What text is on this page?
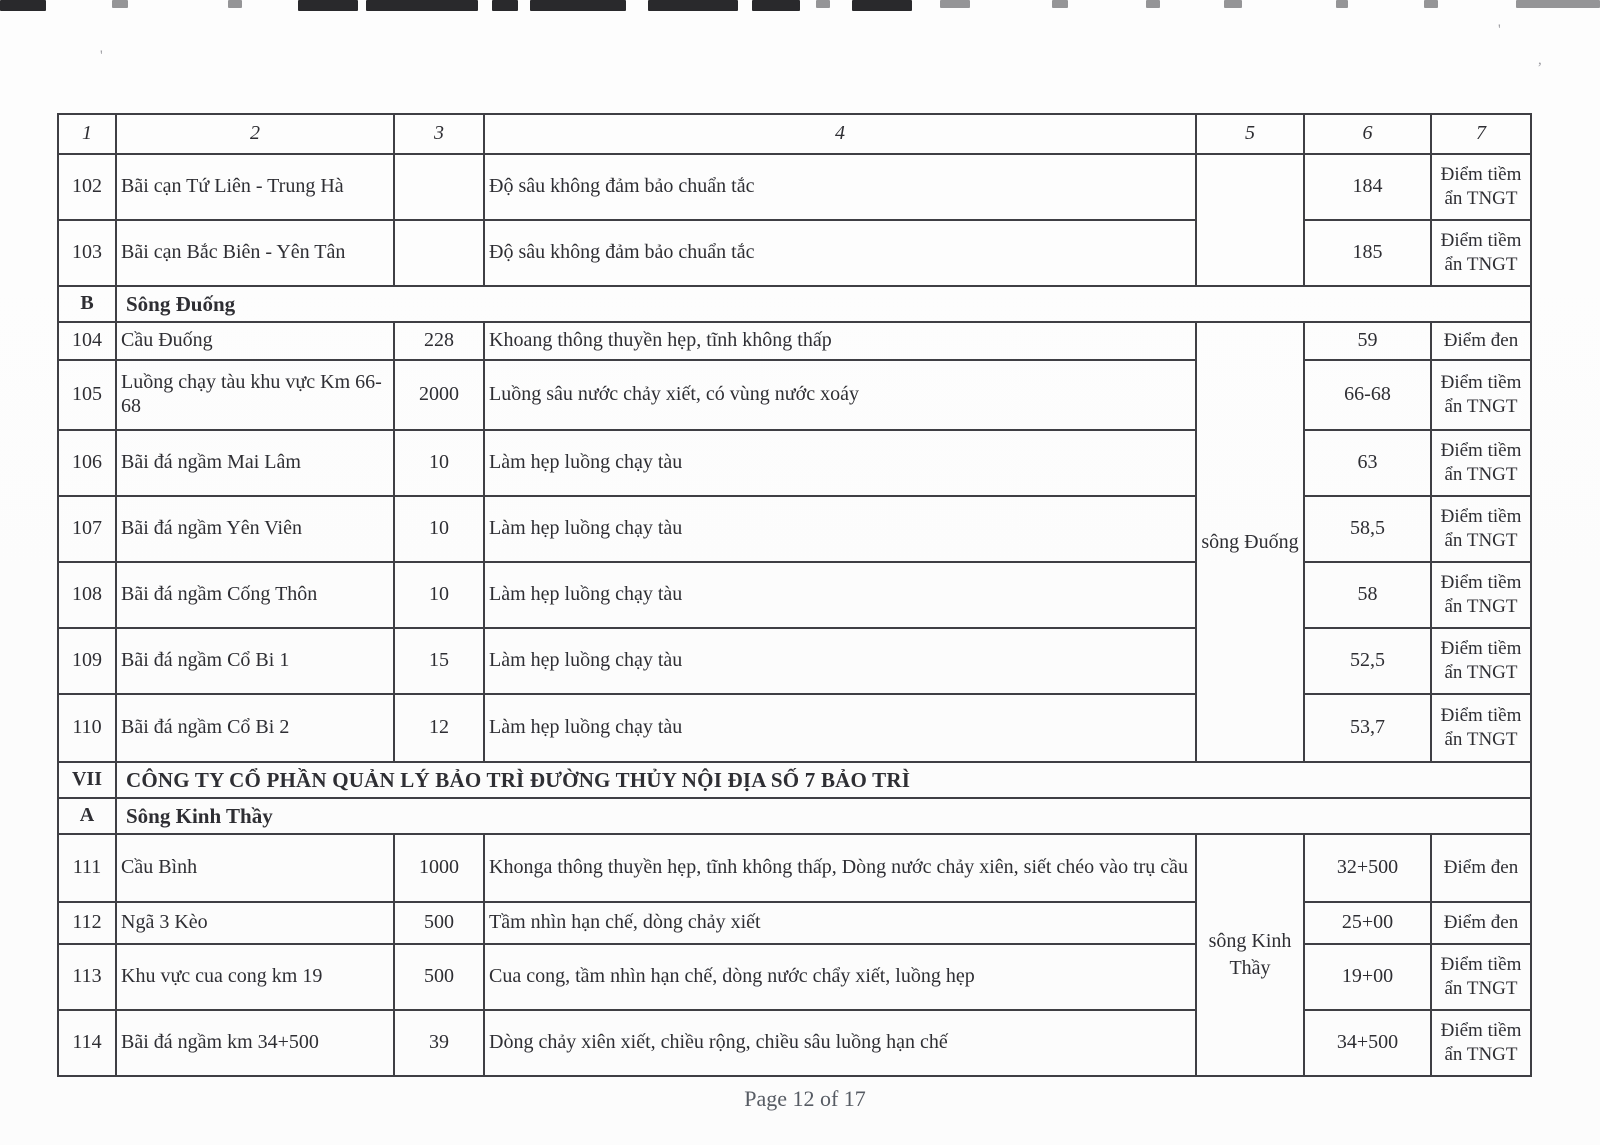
'
'
,
1	2	3	4	5	6	7
102	Bãi cạn Tứ Liên - Trung Hà		Độ sâu không đảm bảo chuẩn tắc		184	Điểm tiềm ẩn TNGT
103	Bãi cạn Bắc Biên - Yên Tân		Độ sâu không đảm bảo chuẩn tắc		185	Điểm tiềm ẩn TNGT
B	Sông Đuống					
104	Cầu Đuống	228	Khoang thông thuyền hẹp, tĩnh không thấp	sông Đuống	59	Điểm đen
105	Luồng chạy tàu khu vực Km 66-68	2000	Luồng sâu nước chảy xiết, có vùng nước xoáy		66-68	Điểm tiềm ẩn TNGT
106	Bãi đá ngầm Mai Lâm	10	Làm hẹp luồng chạy tàu		63	Điểm tiềm ẩn TNGT
107	Bãi đá ngầm Yên Viên	10	Làm hẹp luồng chạy tàu		58,5	Điểm tiềm ẩn TNGT
108	Bãi đá ngầm Cống Thôn	10	Làm hẹp luồng chạy tàu		58	Điểm tiềm ẩn TNGT
109	Bãi đá ngầm Cổ Bi 1	15	Làm hẹp luồng chạy tàu		52,5	Điểm tiềm ẩn TNGT
110	Bãi đá ngầm Cổ Bi 2	12	Làm hẹp luồng chạy tàu		53,7	Điểm tiềm ẩn TNGT
VII	CÔNG TY CỔ PHẦN QUẢN LÝ BẢO TRÌ ĐƯỜNG THỦY NỘI ĐỊA SỐ 7 BẢO TRÌ					
A	Sông Kinh Thầy					
111	Cầu Bình	1000	Khonga thông thuyền hẹp, tĩnh không thấp, Dòng nước chảy xiên, siết chéo vào trụ cầu	sông Kinh Thầy	32+500	Điểm đen
112	Ngã 3 Kèo	500	Tầm nhìn hạn chế, dòng chảy xiết		25+00	Điểm đen
113	Khu vực cua cong km 19	500	Cua cong, tầm nhìn hạn chế, dòng nước chẩy xiết, luồng hẹp		19+00	Điểm tiềm ẩn TNGT
114	Bãi đá ngầm km 34+500	39	Dòng chảy xiên xiết, chiều rộng, chiều sâu luồng hạn chế		34+500	Điểm tiềm ẩn TNGT
Page 12 of 17
